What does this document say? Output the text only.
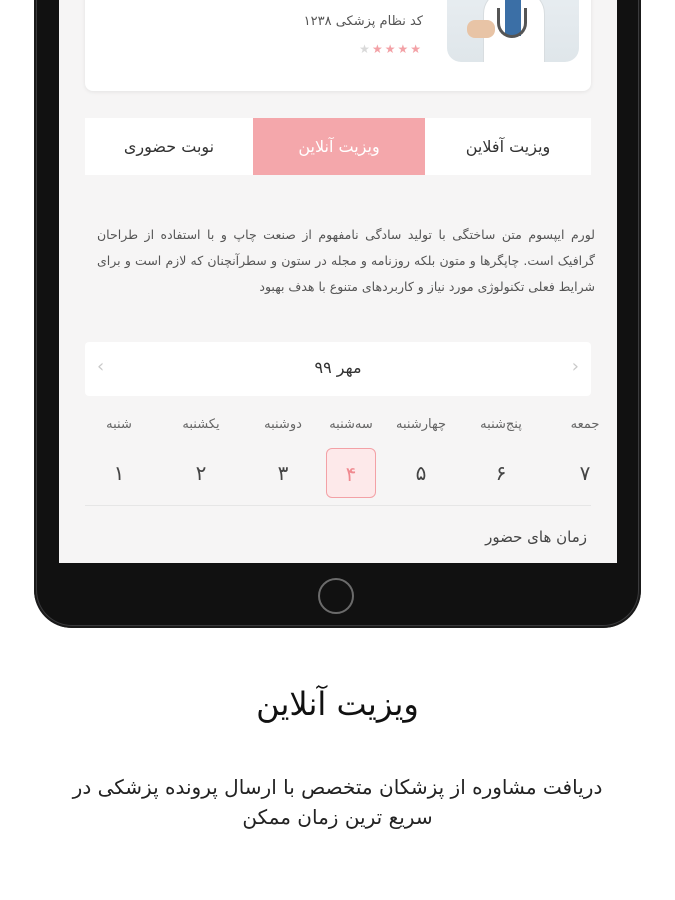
کد نظام پزشکی ۱۲۳۸
★★★★★
ویزیت آفلاین
ویزیت آنلاین
نوبت حضوری
لورم ایپسوم متن ساختگی با تولید سادگی نامفهوم از صنعت چاپ و با استفاده از طراحان گرافیک است. چاپگرها و متون بلکه روزنامه و مجله در ستون و سطرآنچنان که لازم است و برای شرایط فعلی تکنولوژی مورد نیاز و کاربردهای متنوع با هدف بهبود
‹	مهر ۹۹	›
شنبه
۱
یکشنبه
۲
دوشنبه
۳
سه‌شنبه
۴
چهارشنبه
۵
پنج‌شنبه
۶
جمعه
۷
زمان های حضور
ویزیت آنلاین
دریافت مشاوره از پزشکان متخصص با ارسال پرونده پزشکی در سریع ترین زمان ممکن
